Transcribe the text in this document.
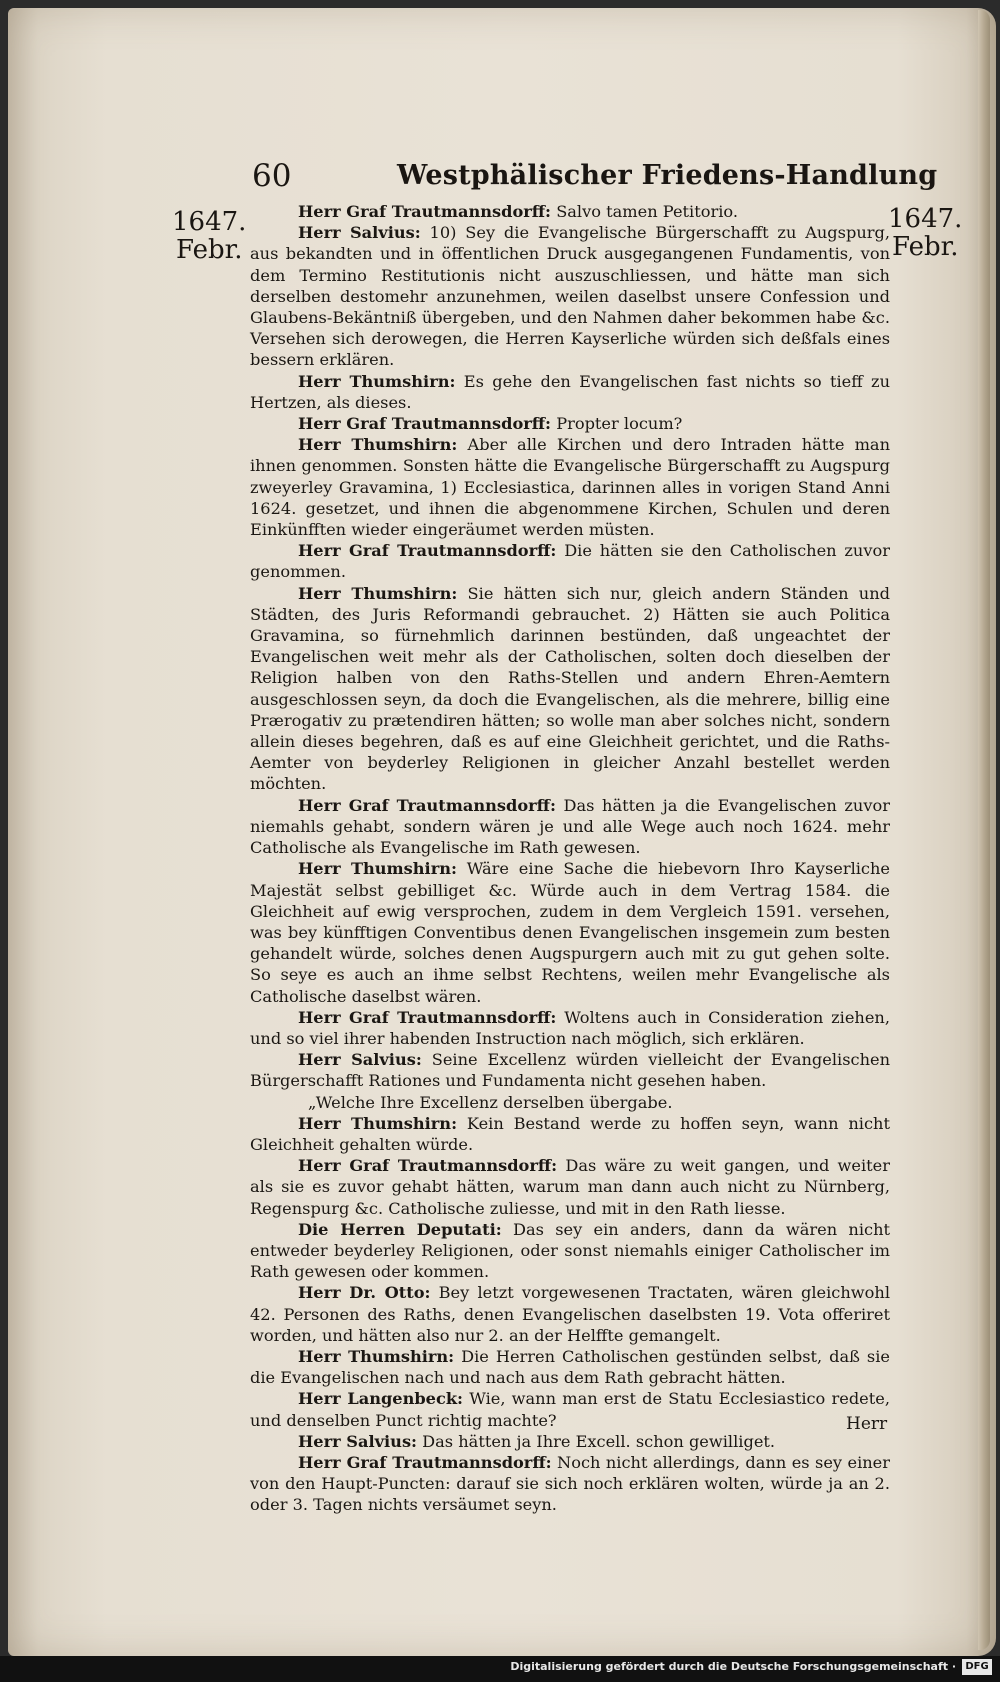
60	Westphälischer Friedens-Handlung
1647.
Febr.
1647.
Febr.

Herr Graf Trautmannsdorff: Salvo tamen Petitorio.

Herr Salvius: 10) Sey die Evangelische Bürgerschafft zu Augspurg, aus bekandten und in öffentlichen Druck ausgegangenen Fundamentis, von dem Termino Restitutionis nicht auszuschliessen, und hätte man sich derselben destomehr anzunehmen, weilen daselbst unsere Confession und Glaubens-Bekäntniß übergeben, und den Nahmen daher bekommen habe &c. Versehen sich derowegen, die Herren Kayserliche würden sich deßfals eines bessern erklären.

Herr Thumshirn: Es gehe den Evangelischen fast nichts so tieff zu Hertzen, als dieses.

Herr Graf Trautmannsdorff: Propter locum?

Herr Thumshirn: Aber alle Kirchen und dero Intraden hätte man ihnen genommen. Sonsten hätte die Evangelische Bürgerschafft zu Augspurg zweyerley Gravamina, 1) Ecclesiastica, darinnen alles in vorigen Stand Anni 1624. gesetzet, und ihnen die abgenommene Kirchen, Schulen und deren Einkünfften wieder eingeräumet werden müsten.

Herr Graf Trautmannsdorff: Die hätten sie den Catholischen zuvor genommen.

Herr Thumshirn: Sie hätten sich nur, gleich andern Ständen und Städten, des Juris Reformandi gebrauchet. 2) Hätten sie auch Politica Gravamina, so fürnehmlich darinnen bestünden, daß ungeachtet der Evangelischen weit mehr als der Catholischen, solten doch dieselben der Religion halben von den Raths-Stellen und andern Ehren-Aemtern ausgeschlossen seyn, da doch die Evangelischen, als die mehrere, billig eine Prærogativ zu prætendiren hätten; so wolle man aber solches nicht, sondern allein dieses begehren, daß es auf eine Gleichheit gerichtet, und die Raths-Aemter von beyderley Religionen in gleicher Anzahl bestellet werden möchten.

Herr Graf Trautmannsdorff: Das hätten ja die Evangelischen zuvor niemahls gehabt, sondern wären je und alle Wege auch noch 1624. mehr Catholische als Evangelische im Rath gewesen.

Herr Thumshirn: Wäre eine Sache die hiebevorn Ihro Kayserliche Majestät selbst gebilliget &c. Würde auch in dem Vertrag 1584. die Gleichheit auf ewig versprochen, zudem in dem Vergleich 1591. versehen, was bey künfftigen Conventibus denen Evangelischen insgemein zum besten gehandelt würde, solches denen Augspurgern auch mit zu gut gehen solte. So seye es auch an ihme selbst Rechtens, weilen mehr Evangelische als Catholische daselbst wären.

Herr Graf Trautmannsdorff: Woltens auch in Consideration ziehen, und so viel ihrer habenden Instruction nach möglich, sich erklären.

Herr Salvius: Seine Excellenz würden vielleicht der Evangelischen Bürgerschafft Rationes und Fundamenta nicht gesehen haben.

„Welche Ihre Excellenz derselben übergabe.

Herr Thumshirn: Kein Bestand werde zu hoffen seyn, wann nicht Gleichheit gehalten würde.

Herr Graf Trautmannsdorff: Das wäre zu weit gangen, und weiter als sie es zuvor gehabt hätten, warum man dann auch nicht zu Nürnberg, Regenspurg &c. Catholische zuliesse, und mit in den Rath liesse.

Die Herren Deputati: Das sey ein anders, dann da wären nicht entweder beyderley Religionen, oder sonst niemahls einiger Catholischer im Rath gewesen oder kommen.

Herr Dr. Otto: Bey letzt vorgewesenen Tractaten, wären gleichwohl 42. Personen des Raths, denen Evangelischen daselbsten 19. Vota offeriret worden, und hätten also nur 2. an der Helffte gemangelt.

Herr Thumshirn: Die Herren Catholischen gestünden selbst, daß sie die Evangelischen nach und nach aus dem Rath gebracht hätten.

Herr Langenbeck: Wie, wann man erst de Statu Ecclesiastico redete, und denselben Punct richtig machte?

Herr Salvius: Das hätten ja Ihre Excell. schon gewilliget.

Herr Graf Trautmannsdorff: Noch nicht allerdings, dann es sey einer von den Haupt-Puncten: darauf sie sich noch erklären wolten, würde ja an 2. oder 3. Tagen nichts versäumet seyn.

Herr
Digitalisierung gefördert durch die Deutsche Forschungsgemeinschaft · DFG
